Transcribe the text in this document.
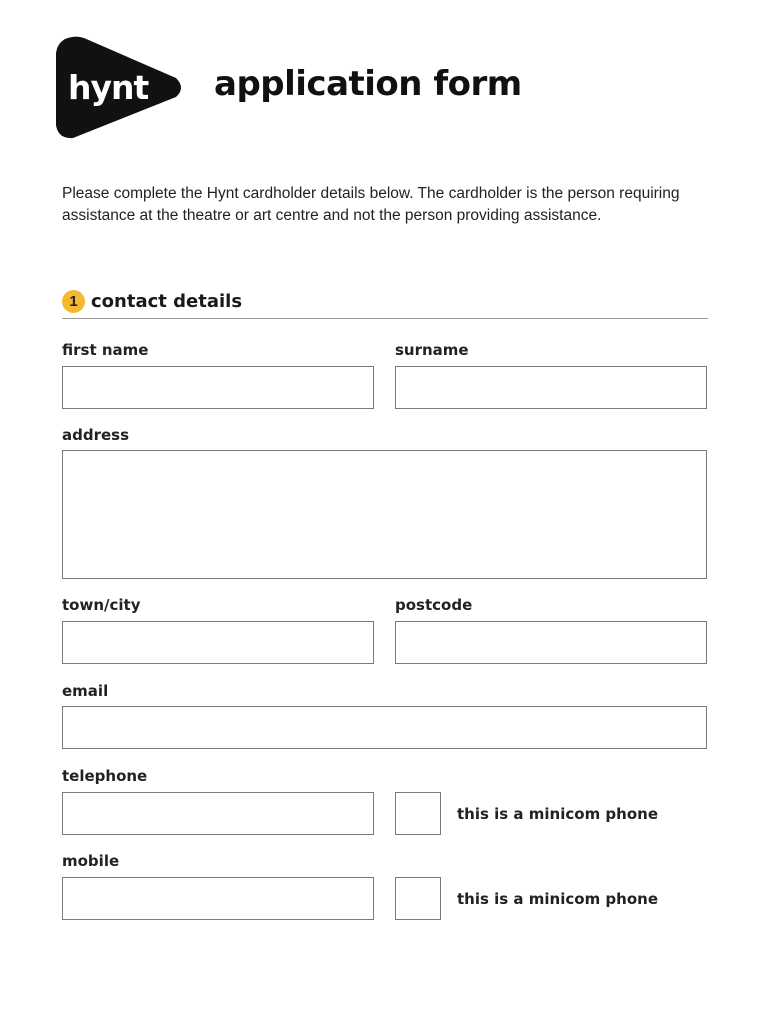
hynt application form
Please complete the Hynt cardholder details below. The cardholder is the person requiring assistance at the theatre or art centre and not the person providing assistance.
1 contact details
first name	surname
address
town/city	postcode
email
telephone
this is a minicom phone
mobile
this is a minicom phone
